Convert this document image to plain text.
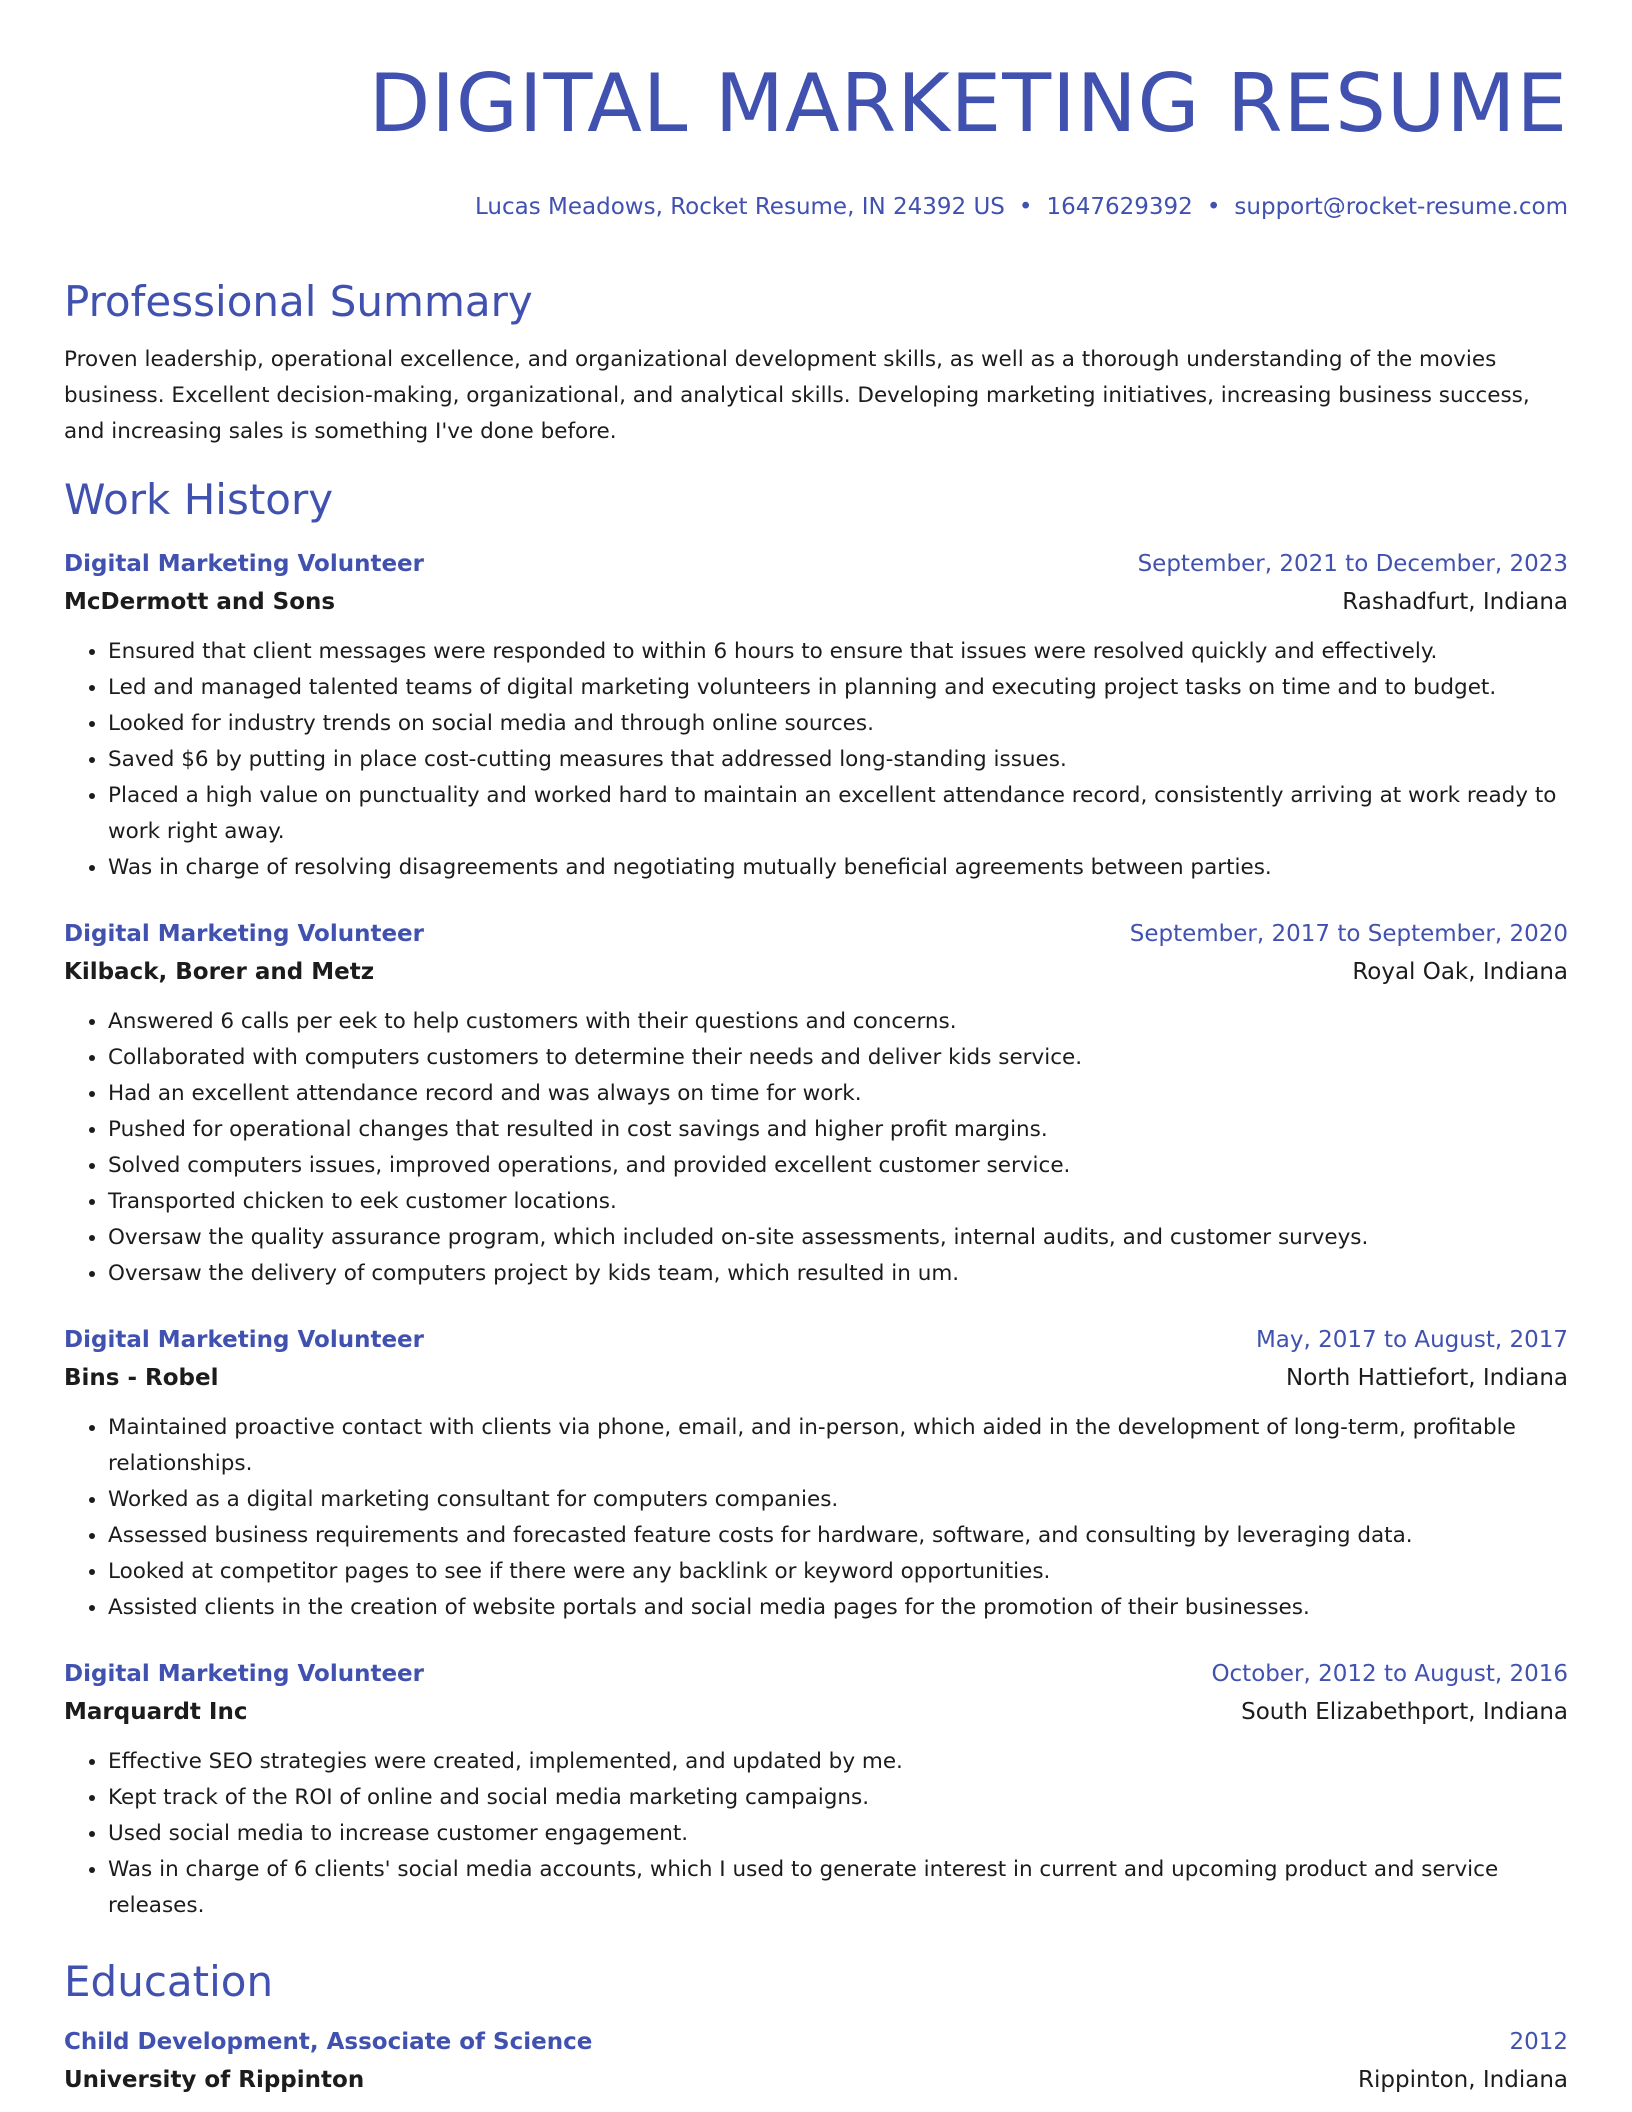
DIGITAL MARKETING RESUME
Lucas Meadows, Rocket Resume, IN 24392 US • 1647629392 • support@rocket-resume.com
Professional Summary
Proven leadership, operational excellence, and organizational development skills, as well as a thorough understanding of the movies business. Excellent decision-making, organizational, and analytical skills. Developing marketing initiatives, increasing business success, and increasing sales is something I've done before.
Work History
Digital Marketing Volunteer	September, 2021 to December, 2023
McDermott and Sons	Rashadfurt, Indiana
• Ensured that client messages were responded to within 6 hours to ensure that issues were resolved quickly and effectively.
• Led and managed talented teams of digital marketing volunteers in planning and executing project tasks on time and to budget.
• Looked for industry trends on social media and through online sources.
• Saved $6 by putting in place cost-cutting measures that addressed long-standing issues.
• Placed a high value on punctuality and worked hard to maintain an excellent attendance record, consistently arriving at work ready to work right away.
• Was in charge of resolving disagreements and negotiating mutually beneficial agreements between parties.
Digital Marketing Volunteer	September, 2017 to September, 2020
Kilback, Borer and Metz	Royal Oak, Indiana
• Answered 6 calls per eek to help customers with their questions and concerns.
• Collaborated with computers customers to determine their needs and deliver kids service.
• Had an excellent attendance record and was always on time for work.
• Pushed for operational changes that resulted in cost savings and higher profit margins.
• Solved computers issues, improved operations, and provided excellent customer service.
• Transported chicken to eek customer locations.
• Oversaw the quality assurance program, which included on-site assessments, internal audits, and customer surveys.
• Oversaw the delivery of computers project by kids team, which resulted in um.
Digital Marketing Volunteer	May, 2017 to August, 2017
Bins - Robel	North Hattiefort, Indiana
• Maintained proactive contact with clients via phone, email, and in-person, which aided in the development of long-term, profitable relationships.
• Worked as a digital marketing consultant for computers companies.
• Assessed business requirements and forecasted feature costs for hardware, software, and consulting by leveraging data.
• Looked at competitor pages to see if there were any backlink or keyword opportunities.
• Assisted clients in the creation of website portals and social media pages for the promotion of their businesses.
Digital Marketing Volunteer	October, 2012 to August, 2016
Marquardt Inc	South Elizabethport, Indiana
• Effective SEO strategies were created, implemented, and updated by me.
• Kept track of the ROI of online and social media marketing campaigns.
• Used social media to increase customer engagement.
• Was in charge of 6 clients' social media accounts, which I used to generate interest in current and upcoming product and service releases.
Education
Child Development, Associate of Science	2012
University of Rippinton	Rippinton, Indiana
